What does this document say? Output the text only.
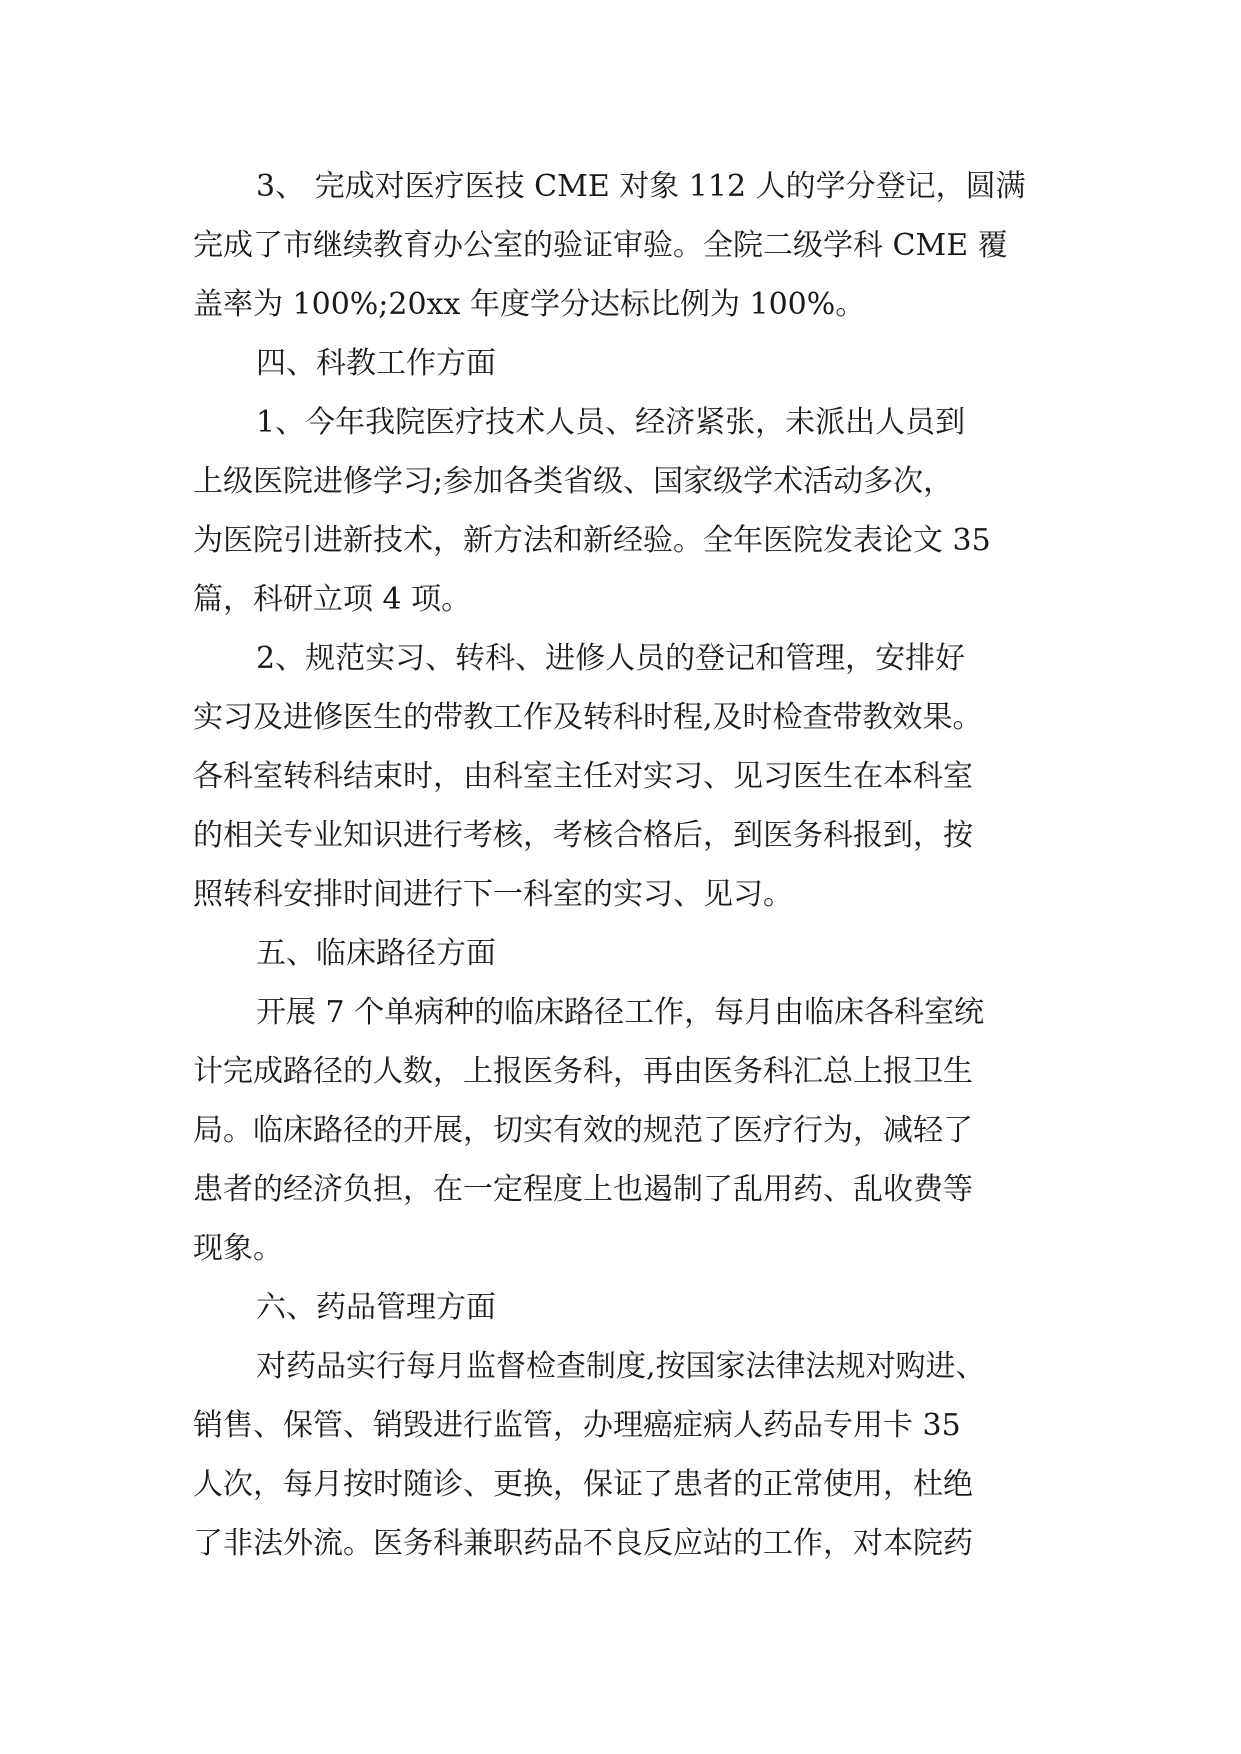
3、 完成对医疗医技 CME 对象 112 人的学分登记，圆满
完成了市继续教育办公室的验证审验。全院二级学科 CME 覆
盖率为 100%;20xx 年度学分达标比例为 100%。
四、科教工作方面
1、今年我院医疗技术人员、经济紧张，未派出人员到
上级医院进修学习;参加各类省级、国家级学术活动多次，
为医院引进新技术，新方法和新经验。全年医院发表论文 35
篇，科研立项 4 项。
2、规范实习、转科、进修人员的登记和管理，安排好
实习及进修医生的带教工作及转科时程,及时检查带教效果。
各科室转科结束时，由科室主任对实习、见习医生在本科室
的相关专业知识进行考核，考核合格后，到医务科报到，按
照转科安排时间进行下一科室的实习、见习。
五、临床路径方面
开展 7 个单病种的临床路径工作，每月由临床各科室统
计完成路径的人数，上报医务科，再由医务科汇总上报卫生
局。临床路径的开展，切实有效的规范了医疗行为，减轻了
患者的经济负担，在一定程度上也遏制了乱用药、乱收费等
现象。
六、药品管理方面
对药品实行每月监督检查制度,按国家法律法规对购进、
销售、保管、销毁进行监管，办理癌症病人药品专用卡 35
人次，每月按时随诊、更换，保证了患者的正常使用，杜绝
了非法外流。医务科兼职药品不良反应站的工作，对本院药
